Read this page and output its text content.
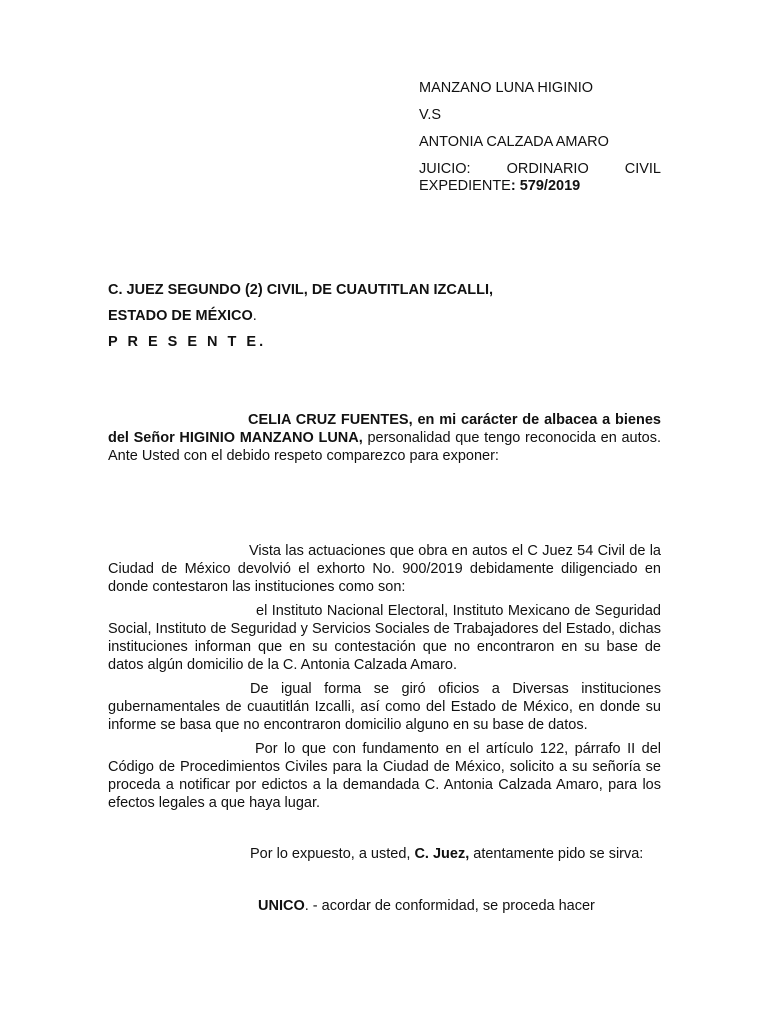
MANZANO LUNA HIGINIO
V.S
ANTONIA CALZADA AMARO
JUICIO: ORDINARIO CIVIL
EXPEDIENTE: 579/2019
C. JUEZ SEGUNDO (2) CIVIL, DE CUAUTITLAN IZCALLI,
ESTADO DE MÉXICO.
P R E S E N T E.

CELIA CRUZ FUENTES, en mi carácter de albacea a bienes del Señor HIGINIO MANZANO LUNA, personalidad que tengo reconocida en autos. Ante Usted con el debido respeto comparezco para exponer:

Vista las actuaciones que obra en autos el C Juez 54 Civil de la Ciudad de México devolvió el exhorto No. 900/2019 debidamente diligenciado en donde contestaron las instituciones como son:

el Instituto Nacional Electoral, Instituto Mexicano de Seguridad Social, Instituto de Seguridad y Servicios Sociales de Trabajadores del Estado, dichas instituciones informan que en su contestación que no encontraron en su base de datos algún domicilio de la C. Antonia Calzada Amaro.

De igual forma se giró oficios a Diversas instituciones gubernamentales de cuautitlán Izcalli, así como del Estado de México, en donde su informe se basa que no encontraron domicilio alguno en su base de datos.

Por lo que con fundamento en el artículo 122, párrafo II del Código de Procedimientos Civiles para la Ciudad de México, solicito a su señoría se proceda a notificar por edictos a la demandada C. Antonia Calzada Amaro, para los efectos legales a que haya lugar.

Por lo expuesto, a usted, C. Juez, atentamente pido se sirva:
UNICO. - acordar de conformidad, se proceda hacer
